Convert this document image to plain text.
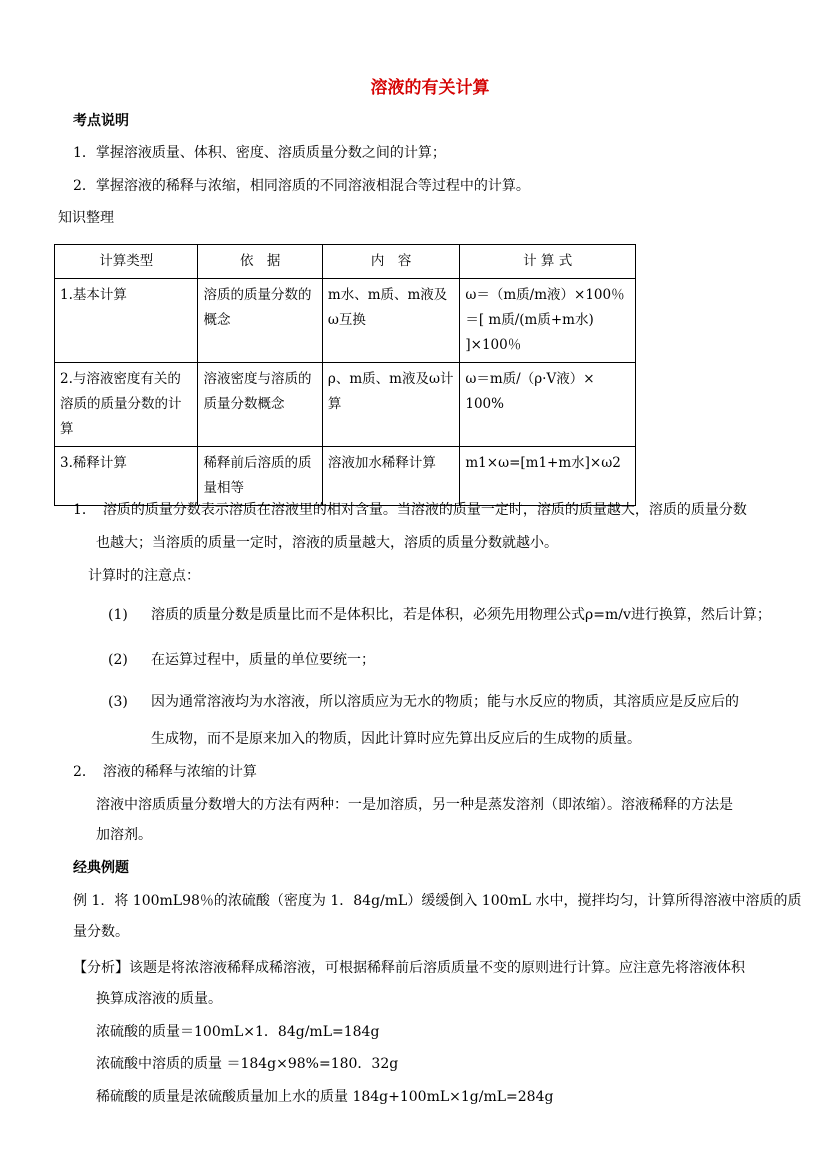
溶液的有关计算
考点说明
1．掌握溶液质量、体积、密度、溶质质量分数之间的计算；
2．掌握溶液的稀释与浓缩，相同溶质的不同溶液相混合等过程中的计算。
知识整理
计算类型	依　据	内　容	计 算 式
1.基本计算	溶质的质量分数的概念	m水、m质、m液及ω互换	ω＝（m质/m液）×100％
＝[ m质/(m质+m水) ]×100％

2.与溶液密度有关的溶质的质量分数的计算	溶液密度与溶质的质量分数概念	ρ、m质、m液及ω计算	ω＝m质/（ρ·V液）×
100%

3.稀释计算	稀释前后溶质的质量相等	溶液加水稀释计算	m1×ω=[m1+m水]×ω2
1．　溶质的质量分数表示溶质在溶液里的相对含量。当溶液的质量一定时，溶质的质量越大，溶质的质量分数
也越大；当溶质的质量一定时，溶液的质量越大，溶质的质量分数就越小。
计算时的注意点：
(1) 溶质的质量分数是质量比而不是体积比，若是体积，必须先用物理公式ρ=m/v进行换算，然后计算；
(2) 在运算过程中，质量的单位要统一；
(3) 因为通常溶液均为水溶液，所以溶质应为无水的物质；能与水反应的物质，其溶质应是反应后的
生成物，而不是原来加入的物质，因此计算时应先算出反应后的生成物的质量。
2．　溶液的稀释与浓缩的计算
溶液中溶质质量分数增大的方法有两种：一是加溶质，另一种是蒸发溶剂（即浓缩）。溶液稀释的方法是
加溶剂。
经典例题
例 1．将 100mL98％的浓硫酸（密度为 1．84g/mL）缓缓倒入 100mL 水中，搅拌均匀，计算所得溶液中溶质的质
量分数。
【分析】该题是将浓溶液稀释成稀溶液，可根据稀释前后溶质质量不变的原则进行计算。应注意先将溶液体积
换算成溶液的质量。
浓硫酸的质量＝100mL×1．84g/mL=184g
浓硫酸中溶质的质量 ＝184g×98%=180．32g
稀硫酸的质量是浓硫酸质量加上水的质量 184g+100mL×1g/mL=284g
